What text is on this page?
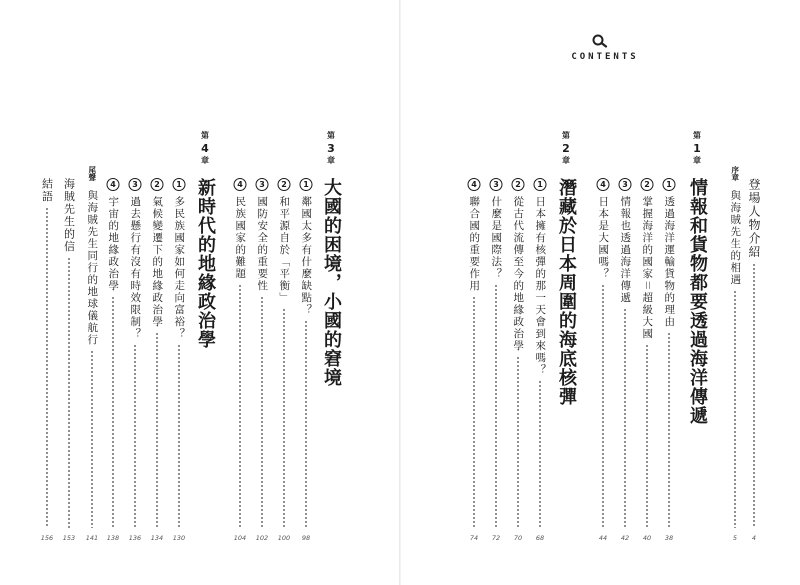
CONTENTS
登場人物介紹
4
序章
與海賊先生的相遇
5
第
1
章
情報和貨物都要透過海洋傳遞
1
透過海洋運輸貨物的理由
38
2
掌握海洋的國家＝超級大國
40
3
情報也透過海洋傳遞
42
4
日本是大國嗎？
44
第
2
章
潛藏於日本周圍的海底核彈
1
日本擁有核彈的那一天會到來嗎？
68
2
從古代流傳至今的地緣政治學
70
3
什麼是國際法？
72
4
聯合國的重要作用
74
第
3
章
大國的困境，小國的窘境
1
鄰國太多有什麼缺點？
98
2
和平源自於「平衡」
100
3
國防安全的重要性
102
4
民族國家的難題
104
第
4
章
新時代的地緣政治學
1
多民族國家如何走向富裕？
130
2
氣候變遷下的地緣政治學
134
3
過去懸行有沒有時效限制？
136
4
宇宙的地緣政治學
138
尾聲
與海賊先生同行的地球儀航行
141
海賊先生的信
153
結語
156
